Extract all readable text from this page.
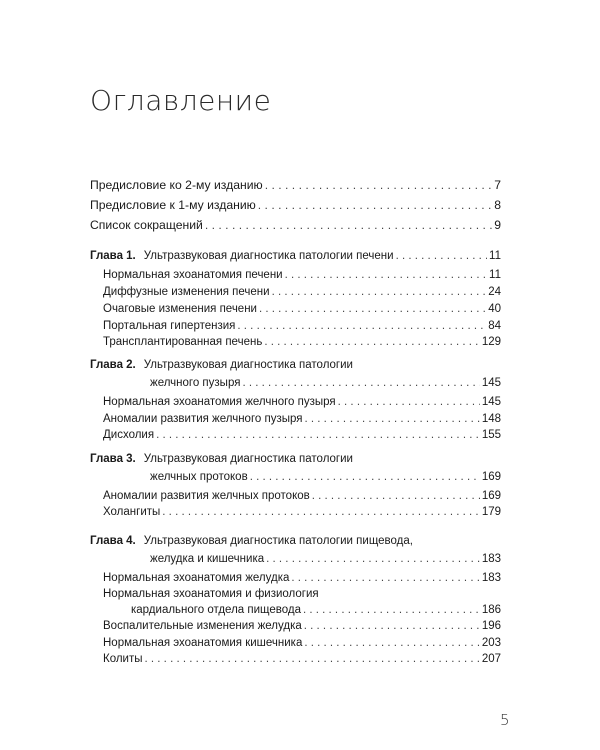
Оглавление
Предисловие ко 2-му изданию . . .	7
Предисловие к 1-му изданию . . .	8
Список сокращений . . .	9
Глава 1. Ультразвуковая диагностика патологии печени . . .	11
Нормальная эхоанатомия печени . . .	11
Диффузные изменения печени . . .	24
Очаговые изменения печени . . .	40
Портальная гипертензия . . .	84
Трансплантированная печень . . .	129
Глава 2. Ультразвуковая диагностика патологии
желчного пузыря . . .	145
Нормальная эхоанатомия желчного пузыря . . .	145
Аномалии развития желчного пузыря . . .	148
Дисхолия . . .	155
Глава 3. Ультразвуковая диагностика патологии
желчных протоков . . .	169
Аномалии развития желчных протоков . . .	169
Холангиты . . .	179
Глава 4. Ультразвуковая диагностика патологии пищевода,
желудка и кишечника . . .	183
Нормальная эхоанатомия желудка . . .	183
Нормальная эхоанатомия и физиология
кардиального отдела пищевода . . .	186
Воспалительные изменения желудка . . .	196
Нормальная эхоанатомия кишечника . . .	203
Колиты . . .	207
5
